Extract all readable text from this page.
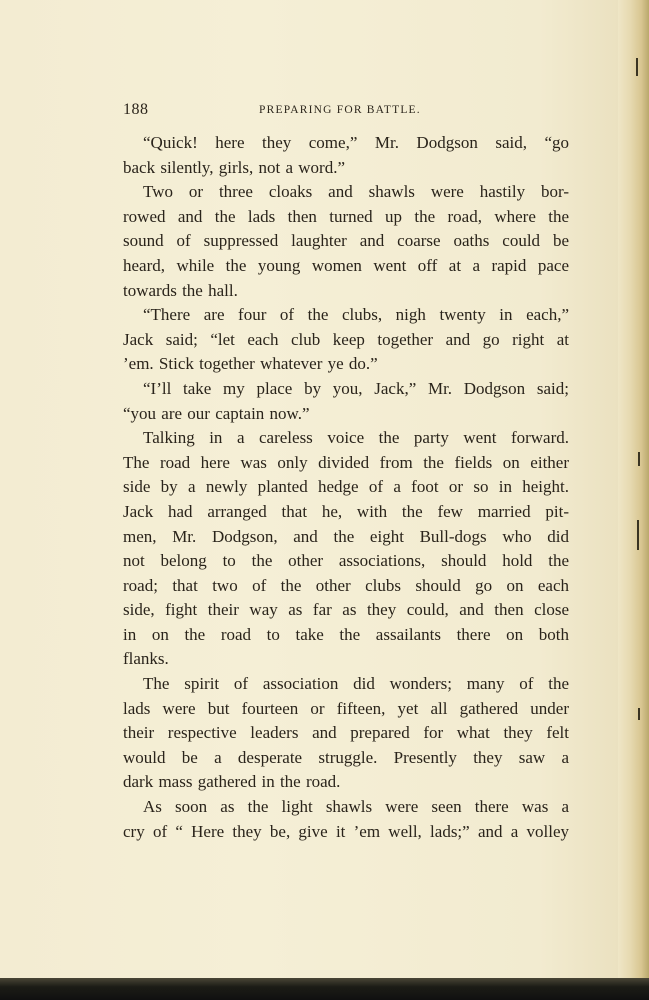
188	PREPARING FOR BATTLE.

“Quick! here they come,” Mr. Dodgson said, “go

back silently, girls, not a word.”

Two or three cloaks and shawls were hastily bor-

rowed and the lads then turned up the road, where the

sound of suppressed laughter and coarse oaths could be

heard, while the young women went off at a rapid pace

towards the hall.

“There are four of the clubs, nigh twenty in each,”

Jack said; “let each club keep together and go right at

’em. Stick together whatever ye do.”

“I’ll take my place by you, Jack,” Mr. Dodgson said;

“you are our captain now.”

Talking in a careless voice the party went forward.

The road here was only divided from the fields on either

side by a newly planted hedge of a foot or so in height.

Jack had arranged that he, with the few married pit-

men, Mr. Dodgson, and the eight Bull-dogs who did

not belong to the other associations, should hold the

road; that two of the other clubs should go on each

side, fight their way as far as they could, and then close

in on the road to take the assailants there on both

flanks.

The spirit of association did wonders; many of the

lads were but fourteen or fifteen, yet all gathered under

their respective leaders and prepared for what they felt

would be a desperate struggle. Presently they saw a

dark mass gathered in the road.

As soon as the light shawls were seen there was a

cry of “ Here they be, give it ’em well, lads;” and a volley
